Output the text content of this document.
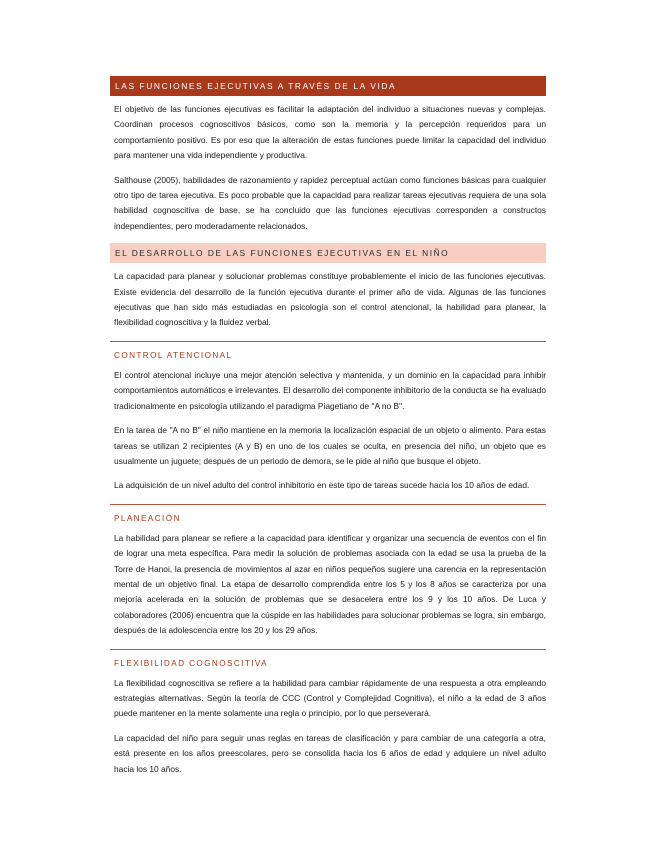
LAS FUNCIONES EJECUTIVAS A TRAVÉS DE LA VIDA

El objetivo de las funciones ejecutivas es facilitar la adaptación del individuo a situaciones nuevas y complejas. Coordinan procesos cognoscitivos básicos, como son la memoria y la percepción requeridos para un comportamiento positivo. Es por eso que la alteración de estas funciones puede limitar la capacidad del individuo para mantener una vida independiente y productiva.

Salthouse (2005), habilidades de razonamiento y rapidez perceptual actúan como funciones básicas para cualquier otro tipo de tarea ejecutiva. Es poco probable que la capacidad para realizar tareas ejecutivas requiera de una sola habilidad cognoscitiva de base, se ha concluido que las funciones ejecutivas corresponden a constructos independientes, pero moderadamente relacionados.

EL DESARROLLO DE LAS FUNCIONES EJECUTIVAS EN EL NIÑO

La capacidad para planear y solucionar problemas constituye probablemente el inicio de las funciones ejecutivas. Existe evidencia del desarrollo de la función ejecutiva durante el primer año de vida. Algunas de las funciones ejecutivas que han sido más estudiadas en psicología son el control atencional, la habilidad para planear, la flexibilidad cognoscitiva y la fluidez verbal.

CONTROL ATENCIONAL

El control atencional incluye una mejor atención selectiva y mantenida, y un dominio en la capacidad para inhibir comportamientos automáticos e irrelevantes. El desarrollo del componente inhibitorio de la conducta se ha evaluado tradicionalmente en psicología utilizando el paradigma Piagetiano de "A no B".

En la tarea de "A no B" el niño mantiene en la memoria la localización espacial de un objeto o alimento. Para estas tareas se utilizan 2 recipientes (A y B) en uno de los cuales se oculta, en presencia del niño, un objeto que es usualmente un juguete; después de un periodo de demora, se le pide al niño que busque el objeto.

La adquisición de un nivel adulto del control inhibitorio en este tipo de tareas sucede hacia los 10 años de edad.

PLANEACIÓN

La habilidad para planear se refiere a la capacidad para identificar y organizar una secuencia de eventos con el fin de lograr una meta específica. Para medir la solución de problemas asociada con la edad se usa la prueba de la Torre de Hanoi, la presencia de movimientos al azar en niños pequeños sugiere una carencia en la representación mental de un objetivo final. La etapa de desarrollo comprendida entre los 5 y los 8 años se caracteriza por una mejoría acelerada en la solución de problemas que se desacelera entre los 9 y los 10 años. De Luca y colaboradores (2006) encuentra que la cúspide en las habilidades para solucionar problemas se logra, sin embargo, después de la adolescencia entre los 20 y los 29 años.

FLEXIBILIDAD COGNOSCITIVA

La flexibilidad cognoscitiva se refiere a la habilidad para cambiar rápidamente de una respuesta a otra empleando estrategias alternativas. Según la teoría de CCC (Control y Complejidad Cognitiva), el niño a la edad de 3 años puede mantener en la mente solamente una regla o principio, por lo que perseverará.

La capacidad del niño para seguir unas reglas en tareas de clasificación y para cambiar de una categoría a otra, está presente en los años preescolares, pero se consolida hacia los 6 años de edad y adquiere un nivel adulto hacia los 10 años.
